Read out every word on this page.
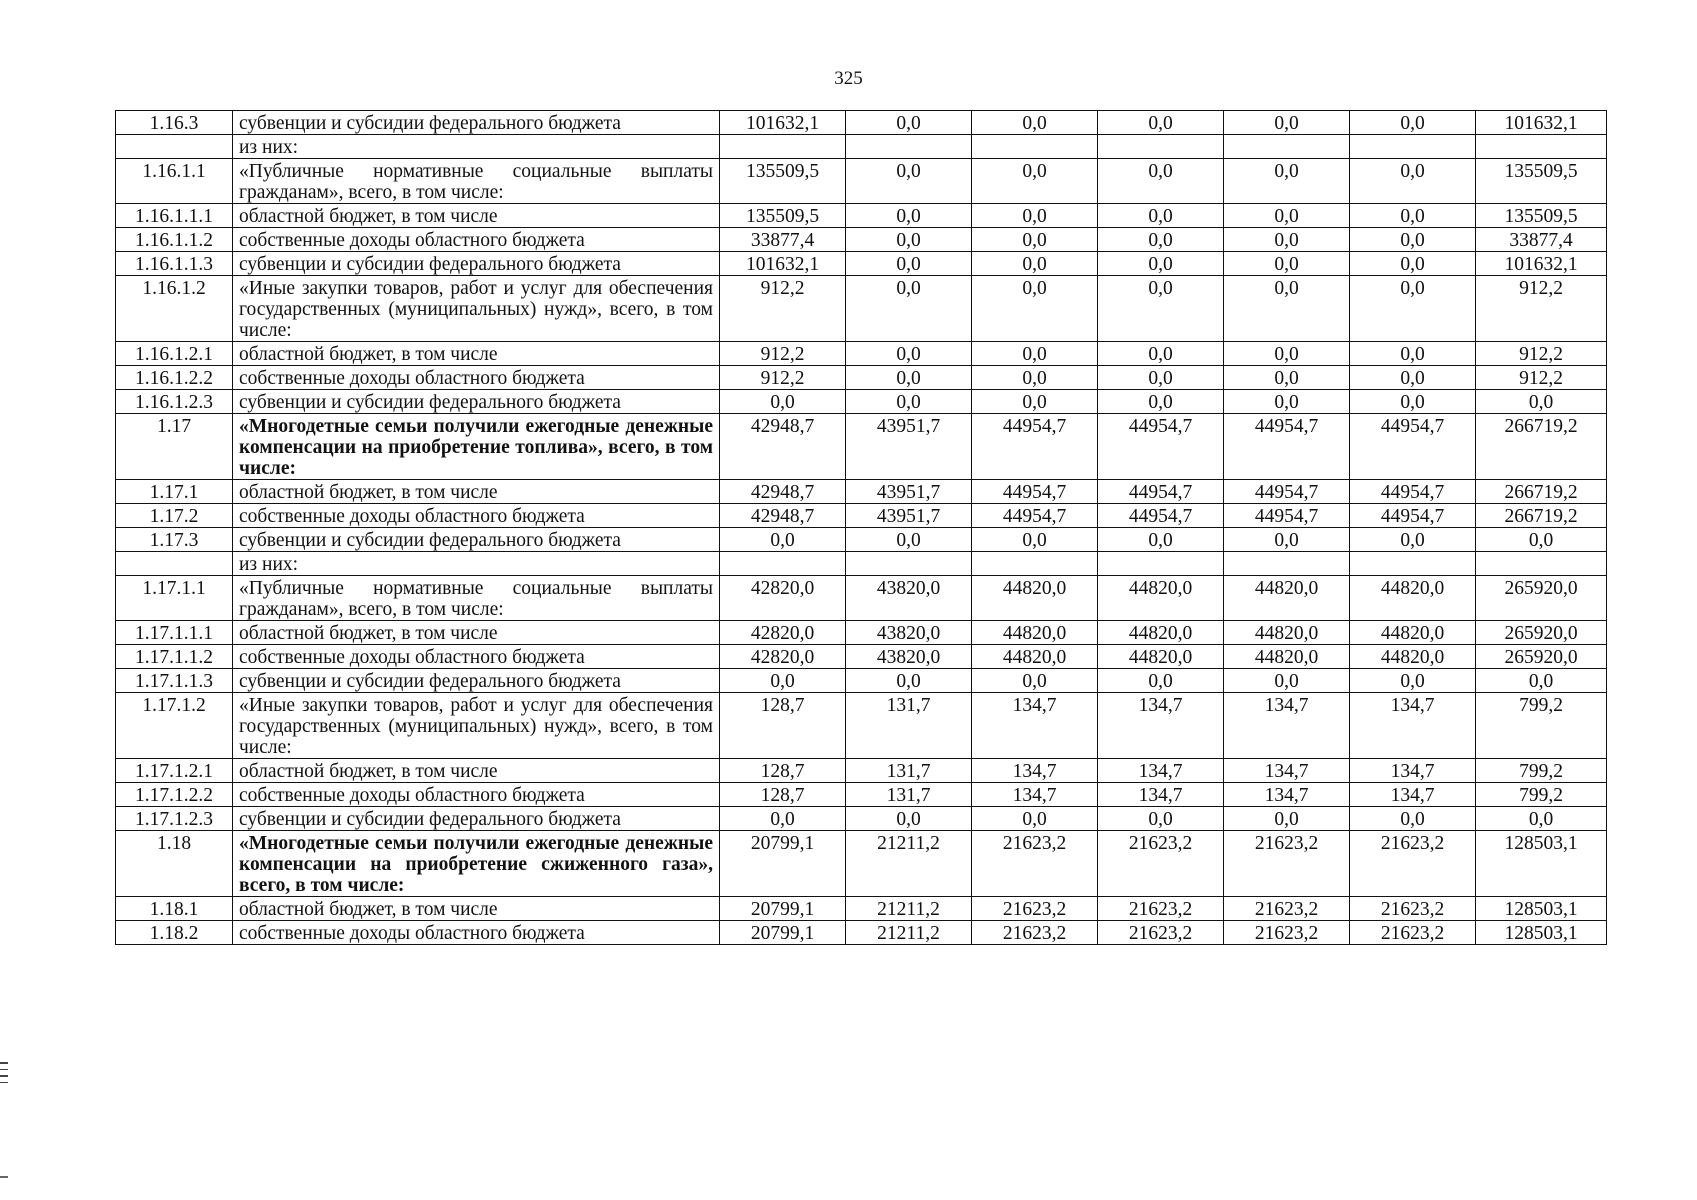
325
1.16.3	субвенции и субсидии федерального бюджета	101632,1	0,0	0,0	0,0	0,0	0,0	101632,1
	из них:							
1.16.1.1	«Публичные нормативные социальные выплаты гражданам», всего, в том числе:	135509,5	0,0	0,0	0,0	0,0	0,0	135509,5
1.16.1.1.1	областной бюджет, в том числе	135509,5	0,0	0,0	0,0	0,0	0,0	135509,5
1.16.1.1.2	собственные доходы областного бюджета	33877,4	0,0	0,0	0,0	0,0	0,0	33877,4
1.16.1.1.3	субвенции и субсидии федерального бюджета	101632,1	0,0	0,0	0,0	0,0	0,0	101632,1
1.16.1.2	«Иные закупки товаров, работ и услуг для обеспечения государственных (муниципальных) нужд», всего, в том числе:	912,2	0,0	0,0	0,0	0,0	0,0	912,2
1.16.1.2.1	областной бюджет, в том числе	912,2	0,0	0,0	0,0	0,0	0,0	912,2
1.16.1.2.2	собственные доходы областного бюджета	912,2	0,0	0,0	0,0	0,0	0,0	912,2
1.16.1.2.3	субвенции и субсидии федерального бюджета	0,0	0,0	0,0	0,0	0,0	0,0	0,0
1.17	«Многодетные семьи получили ежегодные денежные компенсации на приобретение топлива», всего, в том числе:	42948,7	43951,7	44954,7	44954,7	44954,7	44954,7	266719,2
1.17.1	областной бюджет, в том числе	42948,7	43951,7	44954,7	44954,7	44954,7	44954,7	266719,2
1.17.2	собственные доходы областного бюджета	42948,7	43951,7	44954,7	44954,7	44954,7	44954,7	266719,2
1.17.3	субвенции и субсидии федерального бюджета	0,0	0,0	0,0	0,0	0,0	0,0	0,0
	из них:							
1.17.1.1	«Публичные нормативные социальные выплаты гражданам», всего, в том числе:	42820,0	43820,0	44820,0	44820,0	44820,0	44820,0	265920,0
1.17.1.1.1	областной бюджет, в том числе	42820,0	43820,0	44820,0	44820,0	44820,0	44820,0	265920,0
1.17.1.1.2	собственные доходы областного бюджета	42820,0	43820,0	44820,0	44820,0	44820,0	44820,0	265920,0
1.17.1.1.3	субвенции и субсидии федерального бюджета	0,0	0,0	0,0	0,0	0,0	0,0	0,0
1.17.1.2	«Иные закупки товаров, работ и услуг для обеспечения государственных (муниципальных) нужд», всего, в том числе:	128,7	131,7	134,7	134,7	134,7	134,7	799,2
1.17.1.2.1	областной бюджет, в том числе	128,7	131,7	134,7	134,7	134,7	134,7	799,2
1.17.1.2.2	собственные доходы областного бюджета	128,7	131,7	134,7	134,7	134,7	134,7	799,2
1.17.1.2.3	субвенции и субсидии федерального бюджета	0,0	0,0	0,0	0,0	0,0	0,0	0,0
1.18	«Многодетные семьи получили ежегодные денежные компенсации на приобретение сжиженного газа», всего, в том числе:	20799,1	21211,2	21623,2	21623,2	21623,2	21623,2	128503,1
1.18.1	областной бюджет, в том числе	20799,1	21211,2	21623,2	21623,2	21623,2	21623,2	128503,1
1.18.2	собственные доходы областного бюджета	20799,1	21211,2	21623,2	21623,2	21623,2	21623,2	128503,1
